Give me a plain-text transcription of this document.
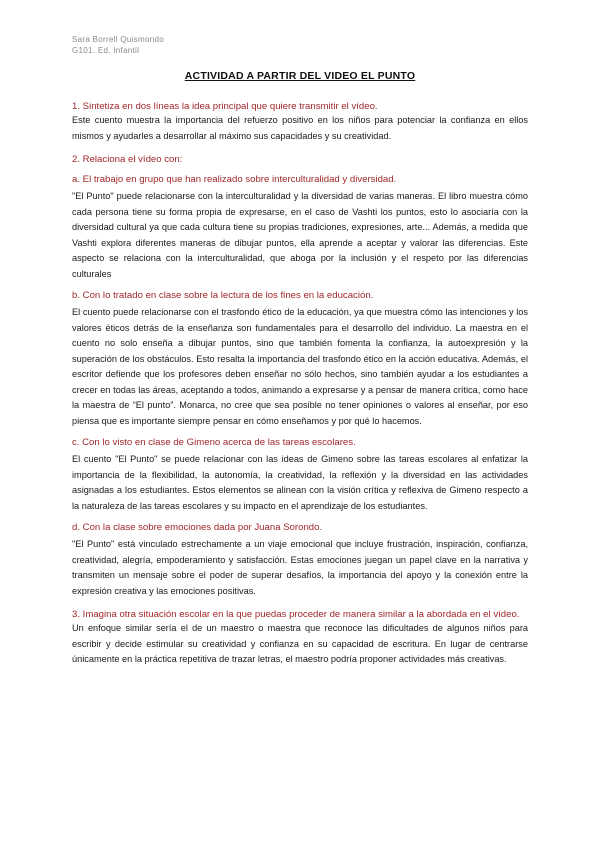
Sara Borrell Quismondo
G101. Ed. Infantil
ACTIVIDAD A PARTIR DEL VIDEO EL PUNTO

1. Sintetiza en dos líneas la idea principal que quiere transmitir el vídeo.

Este cuento muestra la importancia del refuerzo positivo en los niños para potenciar la confianza en ellos mismos y ayudarles a desarrollar al máximo sus capacidades y su creatividad.

2. Relaciona el vídeo con:

a. El trabajo en grupo que han realizado sobre interculturalidad y diversidad.

"El Punto" puede relacionarse con la interculturalidad y la diversidad de varias maneras. El libro muestra cómo cada persona tiene su forma propia de expresarse, en el caso de Vashti los puntos, esto lo asociaría con la diversidad cultural ya que cada cultura tiene su propias tradiciones, expresiones, arte... Además, a medida que Vashti explora diferentes maneras de dibujar puntos, ella aprende a aceptar y valorar las diferencias. Este aspecto se relaciona con la interculturalidad, que aboga por la inclusión y el respeto por las diferencias culturales

b. Con lo tratado en clase sobre la lectura de los fines en la educación.

El cuento puede relacionarse con el trasfondo ético de la educación, ya que muestra cómo las intenciones y los valores éticos detrás de la enseñanza son fundamentales para el desarrollo del individuo. La maestra en el cuento no solo enseña a dibujar puntos, sino que también fomenta la confianza, la autoexpresión y la superación de los obstáculos. Esto resalta la importancia del trasfondo ético en la acción educativa. Además, el escritor defiende que los profesores deben enseñar no sólo hechos, sino también ayudar a los estudiantes a crecer en todas las áreas, aceptando a todos, animando a expresarse y a pensar de manera crítica, como hace la maestra de “El punto”. Monarca, no cree que sea posible no tener opiniones o valores al enseñar, por eso piensa que es importante siempre pensar en cómo enseñamos y por qué lo hacemos.

c. Con lo visto en clase de Gimeno acerca de las tareas escolares.

El cuento "El Punto" se puede relacionar con las ideas de Gimeno sobre las tareas escolares al enfatizar la importancia de la flexibilidad, la autonomía, la creatividad, la reflexión y la diversidad en las actividades asignadas a los estudiantes. Estos elementos se alinean con la visión crítica y reflexiva de Gimeno respecto a la naturaleza de las tareas escolares y su impacto en el aprendizaje de los estudiantes.

d. Con la clase sobre emociones dada por Juana Sorondo.

"El Punto" está vinculado estrechamente a un viaje emocional que incluye frustración, inspiración, confianza, creatividad, alegría, empoderamiento y satisfacción. Estas emociones juegan un papel clave en la narrativa y transmiten un mensaje sobre el poder de superar desafíos, la importancia del apoyo y la conexión entre la expresión creativa y las emociones positivas.

3. Imagina otra situación escolar en la que puedas proceder de manera similar a la abordada en el vídeo.

Un enfoque similar sería el de un maestro o maestra que reconoce las dificultades de algunos niños para escribir y decide estimular su creatividad y confianza en su capacidad de escritura. En lugar de centrarse únicamente en la práctica repetitiva de trazar letras, el maestro podría proponer actividades más creativas.
